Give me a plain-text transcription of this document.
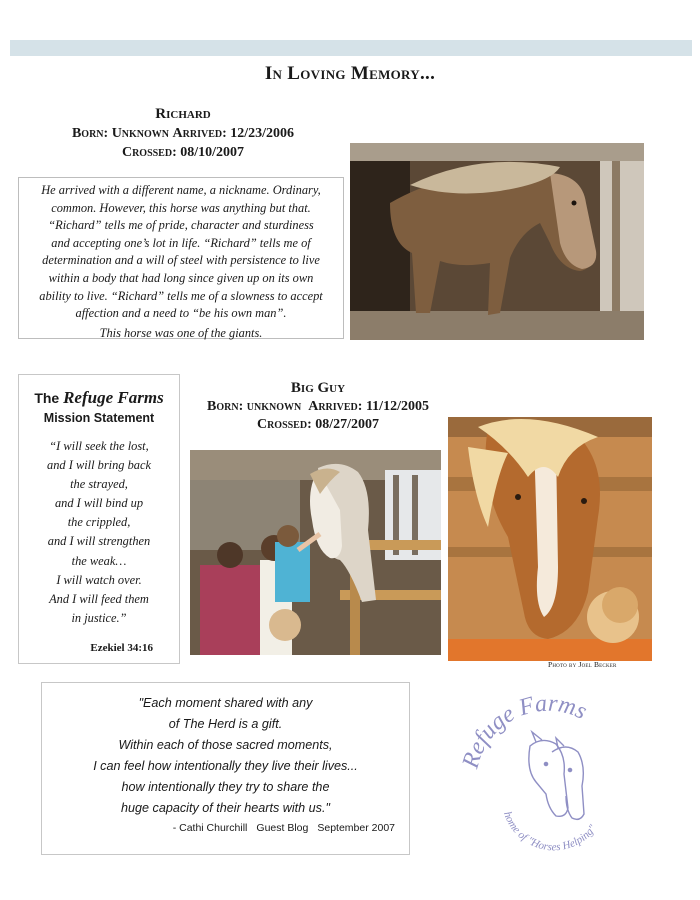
In Loving Memory...
Richard
Born: Unknown Arrived: 12/23/2006
Crossed: 08/10/2007

He arrived with a different name, a nickname. Ordinary,

common. However, this horse was anything but that.

“Richard” tells me of pride, character and sturdiness

and accepting one’s lot in life. “Richard” tells me of

determination and a will of steel with persistence to live

within a body that had long since given up on its own

ability to live. “Richard” tells me of a slowness to accept

affection and a need to “be his own man”.

This horse was one of the giants.

The Refuge Farms
Mission Statement
“I will seek the lost,
and I will bring back
the strayed,
and I will bind up
the crippled,
and I will strengthen
the weak…
I will watch over.
And I will feed them
in justice.”
Ezekiel 34:16
Big Guy
Born: unknown Arrived: 11/12/2005
Crossed: 08/27/2007
Photo by Joel Becker
"Each moment shared with any
of The Herd is a gift.
Within each of those sacred moments,
I can feel how intentionally they live their lives...
how intentionally they try to share the
huge capacity of their hearts with us."
- Cathi Churchill Guest Blog September 2007
efuge Farms
home of "Horses Helping"
